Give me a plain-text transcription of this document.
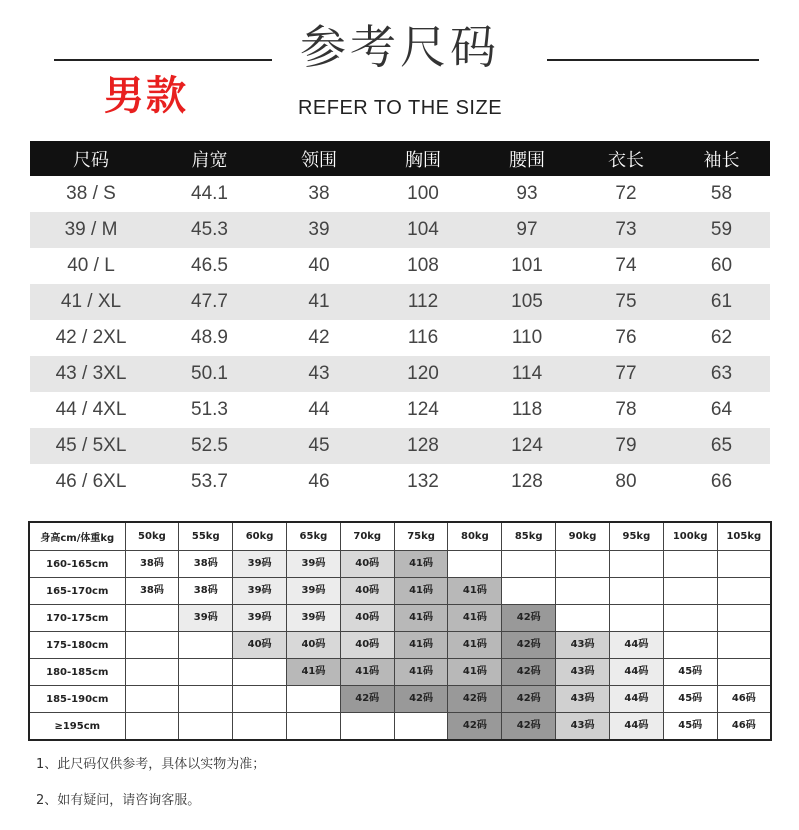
参考尺码
REFER TO THE SIZE
男款
尺码	肩宽	领围	胸围	腰围	衣长	袖长
38 / S	44.1	38	100	93	72	58
39 / M	45.3	39	104	97	73	59
40 / L	46.5	40	108	101	74	60
41 / XL	47.7	41	112	105	75	61
42 / 2XL	48.9	42	116	110	76	62
43 / 3XL	50.1	43	120	114	77	63
44 / 4XL	51.3	44	124	118	78	64
45 / 5XL	52.5	45	128	124	79	65
46 / 6XL	53.7	46	132	128	80	66
身高cm/体重kg	50kg	55kg	60kg	65kg	70kg	75kg	80kg	85kg	90kg	95kg	100kg	105kg
160-165cm	38码	38码	39码	39码	40码	41码						

165-170cm	38码	38码	39码	39码	40码	41码	41码					

170-175cm		39码	39码	39码	40码	41码	41码	42码				

175-180cm			40码	40码	40码	41码	41码	42码	43码	44码		

180-185cm				41码	41码	41码	41码	42码	43码	44码	45码	

185-190cm					42码	42码	42码	42码	43码	44码	45码	46码

≥195cm							42码	42码	43码	44码	45码	46码
1、此尺码仅供参考，具体以实物为准；
2、如有疑问，请咨询客服。
